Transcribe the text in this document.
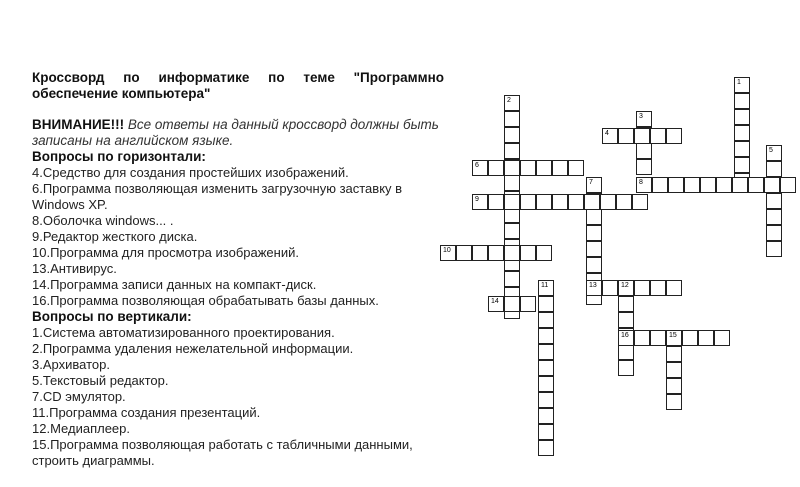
Кроссворд по информатике по теме "Программно

обеспечение компьютера"

ВНИМАНИЕ!!! Все ответы на данный кроссворд должны быть

записаны на английском языке.

Вопросы по горизонтали:

4.Средство для создания простейших изображений.

6.Программа позволяющая изменить загрузочную заставку в

Windows XP.

8.Оболочка windows... .

9.Редактор жесткого диска.

10.Программа для просмотра изображений.

13.Антивирус.

14.Программа записи данных на компакт-диск.

16.Программа позволяющая обрабатывать базы данных.

Вопросы по вертикали:

1.Система автоматизированного проектирования.

2.Программа удаления нежелательной информации.

3.Архиватор.

5.Текстовый редактор.

7.CD эмулятор.

11.Программа создания презентаций.

12.Медиаплеер.

15.Программа позволяющая работать с табличными данными,

строить диаграммы.

1
2
3
4
5
6
7	8
9
10
11	12
13
14
15
16
